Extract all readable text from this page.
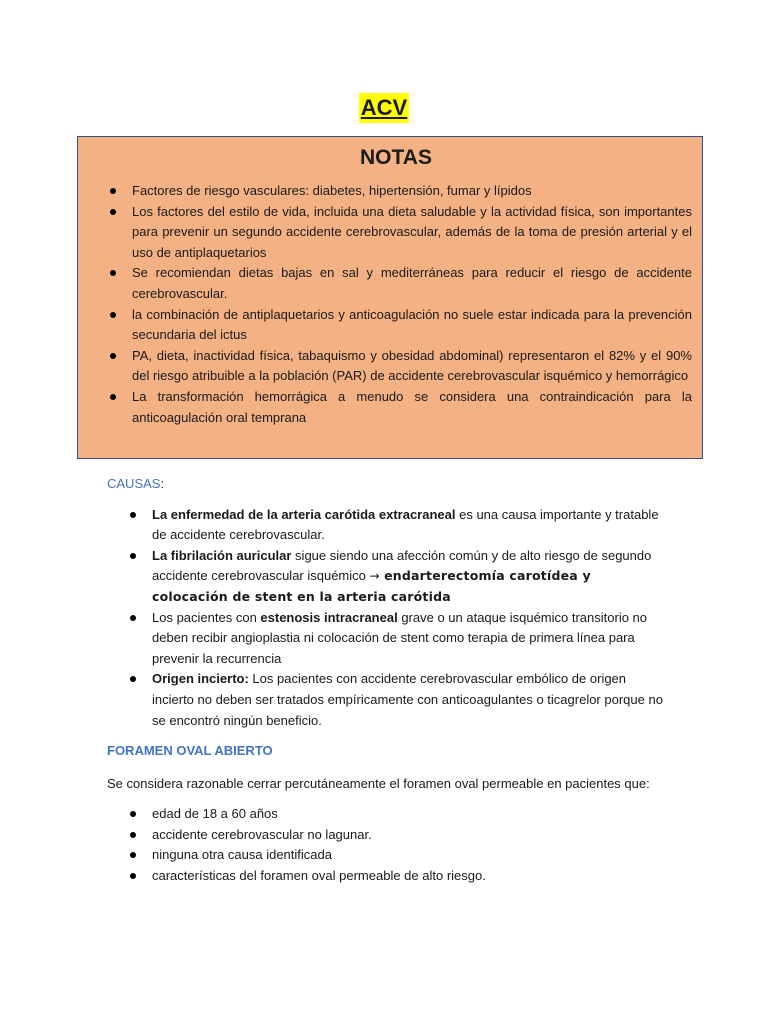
ACV
NOTAS
Factores de riesgo vasculares: diabetes, hipertensión, fumar y lípidos
Los factores del estilo de vida, incluida una dieta saludable y la actividad física, son importantes para prevenir un segundo accidente cerebrovascular, además de la toma de presión arterial y el uso de antiplaquetarios
Se recomiendan dietas bajas en sal y mediterráneas para reducir el riesgo de accidente cerebrovascular.
la combinación de antiplaquetarios y anticoagulación no suele estar indicada para la prevención secundaria del ictus
PA, dieta, inactividad física, tabaquismo y obesidad abdominal) representaron el 82% y el 90% del riesgo atribuible a la población (PAR) de accidente cerebrovascular isquémico y hemorrágico
La transformación hemorrágica a menudo se considera una contraindicación para la anticoagulación oral temprana
CAUSAS:
La enfermedad de la arteria carótida extracraneal es una causa importante y tratable de accidente cerebrovascular.
La fibrilación auricular sigue siendo una afección común y de alto riesgo de segundo accidente cerebrovascular isquémico → endarterectomía carotídea y colocación de stent en la arteria carótida
Los pacientes con estenosis intracraneal grave o un ataque isquémico transitorio no deben recibir angioplastia ni colocación de stent como terapia de primera línea para prevenir la recurrencia
Origen incierto: Los pacientes con accidente cerebrovascular embólico de origen incierto no deben ser tratados empíricamente con anticoagulantes o ticagrelor porque no se encontró ningún beneficio.
FORAMEN OVAL ABIERTO
Se considera razonable cerrar percutáneamente el foramen oval permeable en pacientes que:
edad de 18 a 60 años
accidente cerebrovascular no lagunar.
ninguna otra causa identificada
características del foramen oval permeable de alto riesgo.
